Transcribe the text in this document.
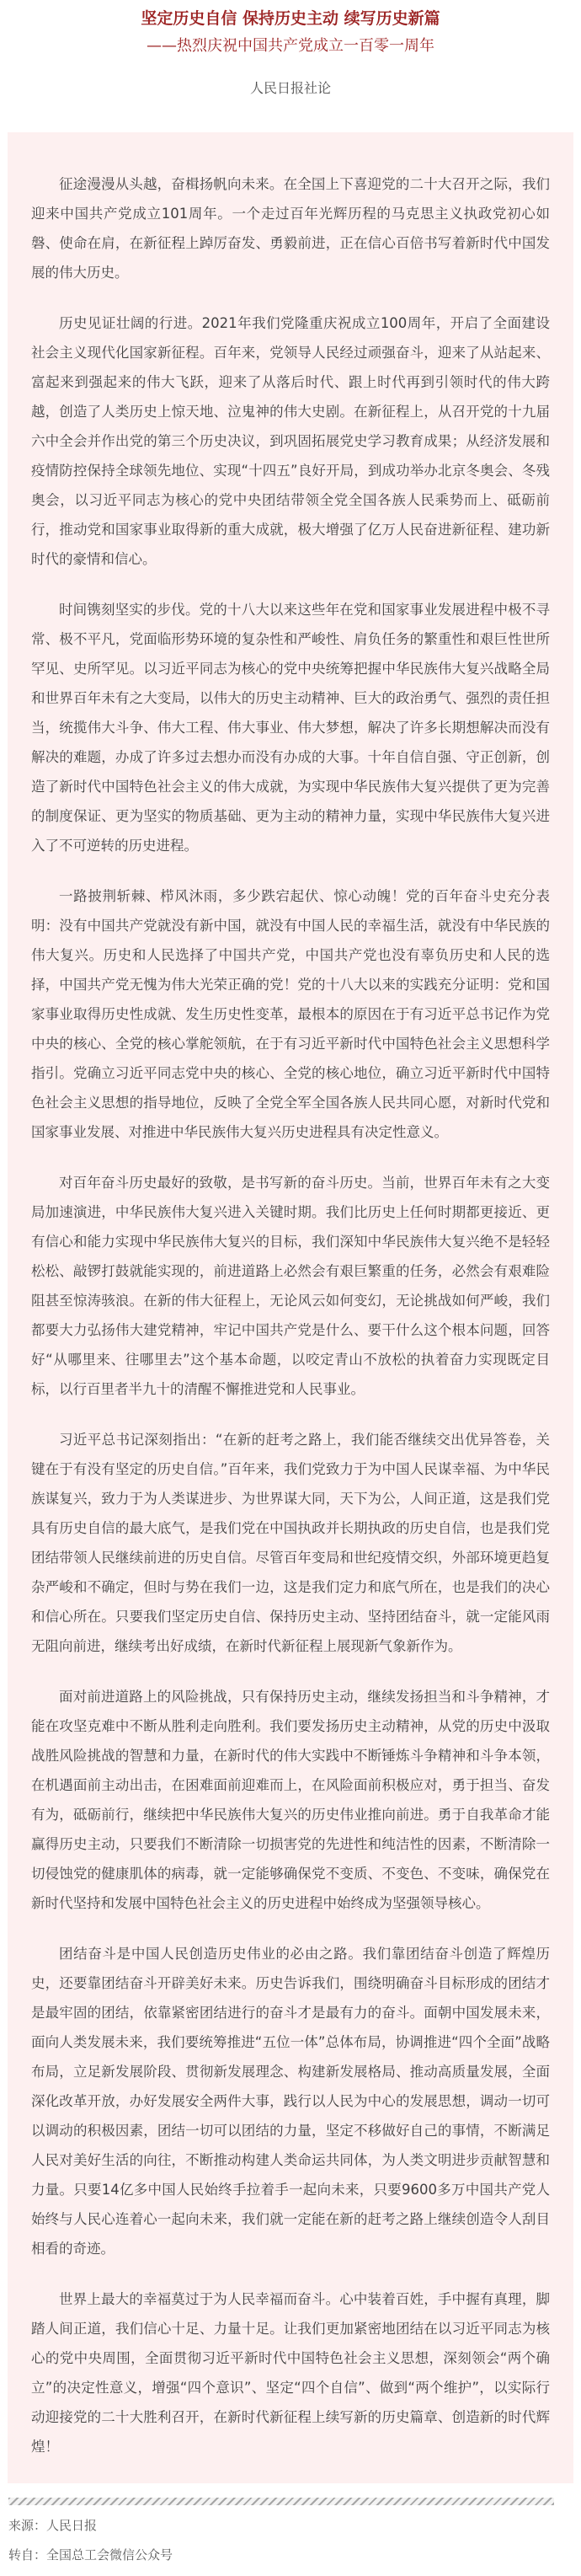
坚定历史自信 保持历史主动 续写历史新篇
——热烈庆祝中国共产党成立一百零一周年
人民日报社论

征途漫漫从头越，奋楫扬帆向未来。在全国上下喜迎党的二十大召开之际，我们迎来中国共产党成立101周年。一个走过百年光辉历程的马克思主义执政党初心如磐、使命在肩，在新征程上踔厉奋发、勇毅前进，正在信心百倍书写着新时代中国发展的伟大历史。

历史见证壮阔的行进。2021年我们党隆重庆祝成立100周年，开启了全面建设社会主义现代化国家新征程。百年来，党领导人民经过顽强奋斗，迎来了从站起来、富起来到强起来的伟大飞跃，迎来了从落后时代、跟上时代再到引领时代的伟大跨越，创造了人类历史上惊天地、泣鬼神的伟大史剧。在新征程上，从召开党的十九届六中全会并作出党的第三个历史决议，到巩固拓展党史学习教育成果；从经济发展和疫情防控保持全球领先地位、实现“十四五”良好开局，到成功举办北京冬奥会、冬残奥会，以习近平同志为核心的党中央团结带领全党全国各族人民乘势而上、砥砺前行，推动党和国家事业取得新的重大成就，极大增强了亿万人民奋进新征程、建功新时代的豪情和信心。

时间镌刻坚实的步伐。党的十八大以来这些年在党和国家事业发展进程中极不寻常、极不平凡，党面临形势环境的复杂性和严峻性、肩负任务的繁重性和艰巨性世所罕见、史所罕见。以习近平同志为核心的党中央统筹把握中华民族伟大复兴战略全局和世界百年未有之大变局，以伟大的历史主动精神、巨大的政治勇气、强烈的责任担当，统揽伟大斗争、伟大工程、伟大事业、伟大梦想，解决了许多长期想解决而没有解决的难题，办成了许多过去想办而没有办成的大事。十年自信自强、守正创新，创造了新时代中国特色社会主义的伟大成就，为实现中华民族伟大复兴提供了更为完善的制度保证、更为坚实的物质基础、更为主动的精神力量，实现中华民族伟大复兴进入了不可逆转的历史进程。

一路披荆斩棘、栉风沐雨，多少跌宕起伏、惊心动魄！党的百年奋斗史充分表明：没有中国共产党就没有新中国，就没有中国人民的幸福生活，就没有中华民族的伟大复兴。历史和人民选择了中国共产党，中国共产党也没有辜负历史和人民的选择，中国共产党无愧为伟大光荣正确的党！党的十八大以来的实践充分证明：党和国家事业取得历史性成就、发生历史性变革，最根本的原因在于有习近平总书记作为党中央的核心、全党的核心掌舵领航，在于有习近平新时代中国特色社会主义思想科学指引。党确立习近平同志党中央的核心、全党的核心地位，确立习近平新时代中国特色社会主义思想的指导地位，反映了全党全军全国各族人民共同心愿，对新时代党和国家事业发展、对推进中华民族伟大复兴历史进程具有决定性意义。

对百年奋斗历史最好的致敬，是书写新的奋斗历史。当前，世界百年未有之大变局加速演进，中华民族伟大复兴进入关键时期。我们比历史上任何时期都更接近、更有信心和能力实现中华民族伟大复兴的目标，我们深知中华民族伟大复兴绝不是轻轻松松、敲锣打鼓就能实现的，前进道路上必然会有艰巨繁重的任务，必然会有艰难险阻甚至惊涛骇浪。在新的伟大征程上，无论风云如何变幻，无论挑战如何严峻，我们都要大力弘扬伟大建党精神，牢记中国共产党是什么、要干什么这个根本问题，回答好“从哪里来、往哪里去”这个基本命题，以咬定青山不放松的执着奋力实现既定目标，以行百里者半九十的清醒不懈推进党和人民事业。

习近平总书记深刻指出：“在新的赶考之路上，我们能否继续交出优异答卷，关键在于有没有坚定的历史自信。”百年来，我们党致力于为中国人民谋幸福、为中华民族谋复兴，致力于为人类谋进步、为世界谋大同，天下为公，人间正道，这是我们党具有历史自信的最大底气，是我们党在中国执政并长期执政的历史自信，也是我们党团结带领人民继续前进的历史自信。尽管百年变局和世纪疫情交织，外部环境更趋复杂严峻和不确定，但时与势在我们一边，这是我们定力和底气所在，也是我们的决心和信心所在。只要我们坚定历史自信、保持历史主动、坚持团结奋斗，就一定能风雨无阻向前进，继续考出好成绩，在新时代新征程上展现新气象新作为。

面对前进道路上的风险挑战，只有保持历史主动，继续发扬担当和斗争精神，才能在攻坚克难中不断从胜利走向胜利。我们要发扬历史主动精神，从党的历史中汲取战胜风险挑战的智慧和力量，在新时代的伟大实践中不断锤炼斗争精神和斗争本领，在机遇面前主动出击，在困难面前迎难而上，在风险面前积极应对，勇于担当、奋发有为，砥砺前行，继续把中华民族伟大复兴的历史伟业推向前进。勇于自我革命才能赢得历史主动，只要我们不断清除一切损害党的先进性和纯洁性的因素，不断清除一切侵蚀党的健康肌体的病毒，就一定能够确保党不变质、不变色、不变味，确保党在新时代坚持和发展中国特色社会主义的历史进程中始终成为坚强领导核心。

团结奋斗是中国人民创造历史伟业的必由之路。我们靠团结奋斗创造了辉煌历史，还要靠团结奋斗开辟美好未来。历史告诉我们，围绕明确奋斗目标形成的团结才是最牢固的团结，依靠紧密团结进行的奋斗才是最有力的奋斗。面朝中国发展未来，面向人类发展未来，我们要统筹推进“五位一体”总体布局，协调推进“四个全面”战略布局，立足新发展阶段、贯彻新发展理念、构建新发展格局、推动高质量发展，全面深化改革开放，办好发展安全两件大事，践行以人民为中心的发展思想，调动一切可以调动的积极因素，团结一切可以团结的力量，坚定不移做好自己的事情，不断满足人民对美好生活的向往，不断推动构建人类命运共同体，为人类文明进步贡献智慧和力量。只要14亿多中国人民始终手拉着手一起向未来，只要9600多万中国共产党人始终与人民心连着心一起向未来，我们就一定能在新的赶考之路上继续创造令人刮目相看的奇迹。

世界上最大的幸福莫过于为人民幸福而奋斗。心中装着百姓，手中握有真理，脚踏人间正道，我们信心十足、力量十足。让我们更加紧密地团结在以习近平同志为核心的党中央周围，全面贯彻习近平新时代中国特色社会主义思想，深刻领会“两个确立”的决定性意义，增强“四个意识”、坚定“四个自信”、做到“两个维护”，以实际行动迎接党的二十大胜利召开，在新时代新征程上续写新的历史篇章、创造新的时代辉煌！

来源：人民日报

转自：全国总工会微信公众号
